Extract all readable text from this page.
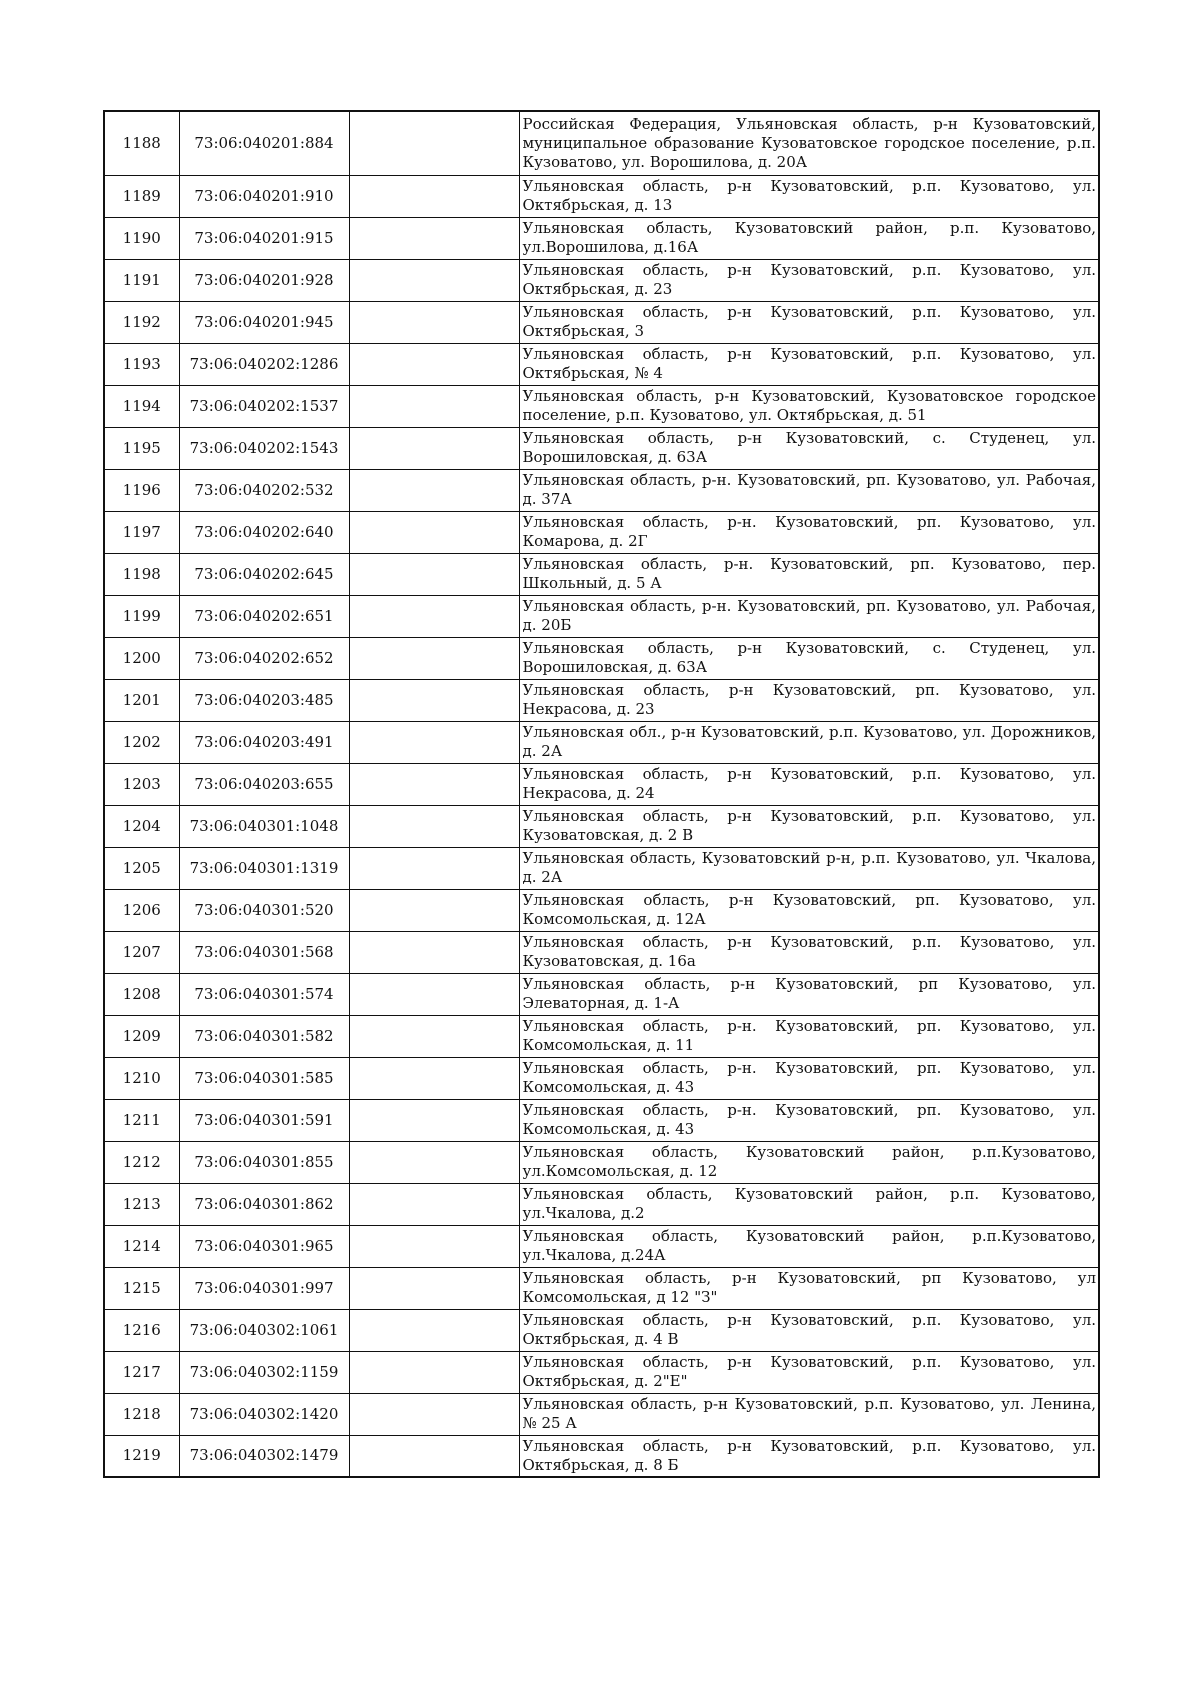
1188	73:06:040201:884		Российская Федерация, Ульяновская область, р-н Кузоватовский, муниципальное образование Кузоватовское городское поселение, р.п. Кузоватово, ул. Ворошилова, д. 20А
1189	73:06:040201:910		Ульяновская область, р-н Кузоватовский, р.п. Кузоватово, ул. Октябрьская, д. 13
1190	73:06:040201:915		Ульяновская область, Кузоватовский район, р.п. Кузоватово, ул.Ворошилова, д.16А
1191	73:06:040201:928		Ульяновская область, р-н Кузоватовский, р.п. Кузоватово, ул. Октябрьская, д. 23
1192	73:06:040201:945		Ульяновская область, р-н Кузоватовский, р.п. Кузоватово, ул. Октябрьская, 3
1193	73:06:040202:1286		Ульяновская область, р-н Кузоватовский, р.п. Кузоватово, ул. Октябрьская, № 4
1194	73:06:040202:1537		Ульяновская область, р-н Кузоватовский, Кузоватовское городское поселение, р.п. Кузоватово, ул. Октябрьская, д. 51
1195	73:06:040202:1543		Ульяновская область, р-н Кузоватовский, с. Студенец, ул. Ворошиловская, д. 63А
1196	73:06:040202:532		Ульяновская область, р-н. Кузоватовский, рп. Кузоватово, ул. Рабочая, д. 37А
1197	73:06:040202:640		Ульяновская область, р-н. Кузоватовский, рп. Кузоватово, ул. Комарова, д. 2Г
1198	73:06:040202:645		Ульяновская область, р-н. Кузоватовский, рп. Кузоватово, пер. Школьный, д. 5 А
1199	73:06:040202:651		Ульяновская область, р-н. Кузоватовский, рп. Кузоватово, ул. Рабочая, д. 20Б
1200	73:06:040202:652		Ульяновская область, р-н Кузоватовский, с. Студенец, ул. Ворошиловская, д. 63А
1201	73:06:040203:485		Ульяновская область, р-н Кузоватовский, рп. Кузоватово, ул. Некрасова, д. 23
1202	73:06:040203:491		Ульяновская обл., р-н Кузоватовский, р.п. Кузоватово, ул. Дорожников, д. 2А
1203	73:06:040203:655		Ульяновская область, р-н Кузоватовский, р.п. Кузоватово, ул. Некрасова, д. 24
1204	73:06:040301:1048		Ульяновская область, р-н Кузоватовский, р.п. Кузоватово, ул. Кузоватовская, д. 2 В
1205	73:06:040301:1319		Ульяновская область, Кузоватовский р-н, р.п. Кузоватово, ул. Чкалова, д. 2А
1206	73:06:040301:520		Ульяновская область, р-н Кузоватовский, рп. Кузоватово, ул. Комсомольская, д. 12А
1207	73:06:040301:568		Ульяновская область, р-н Кузоватовский, р.п. Кузоватово, ул. Кузоватовская, д. 16а
1208	73:06:040301:574		Ульяновская область, р-н Кузоватовский, рп Кузоватово, ул. Элеваторная, д. 1-А
1209	73:06:040301:582		Ульяновская область, р-н. Кузоватовский, рп. Кузоватово, ул. Комсомольская, д. 11
1210	73:06:040301:585		Ульяновская область, р-н. Кузоватовский, рп. Кузоватово, ул. Комсомольская, д. 43
1211	73:06:040301:591		Ульяновская область, р-н. Кузоватовский, рп. Кузоватово, ул. Комсомольская, д. 43
1212	73:06:040301:855		Ульяновская область, Кузоватовский район, р.п.Кузоватово, ул.Комсомольская, д. 12
1213	73:06:040301:862		Ульяновская область, Кузоватовский район, р.п. Кузоватово, ул.Чкалова, д.2
1214	73:06:040301:965		Ульяновская область, Кузоватовский район, р.п.Кузоватово, ул.Чкалова, д.24А
1215	73:06:040301:997		Ульяновская область, р-н Кузоватовский, рп Кузоватово, ул Комсомольская, д 12 "З"
1216	73:06:040302:1061		Ульяновская область, р-н Кузоватовский, р.п. Кузоватово, ул. Октябрьская, д. 4 В
1217	73:06:040302:1159		Ульяновская область, р-н Кузоватовский, р.п. Кузоватово, ул. Октябрьская, д. 2"Е"
1218	73:06:040302:1420		Ульяновская область, р-н Кузоватовский, р.п. Кузоватово, ул. Ленина, № 25 А
1219	73:06:040302:1479		Ульяновская область, р-н Кузоватовский, р.п. Кузоватово, ул. Октябрьская, д. 8 Б
